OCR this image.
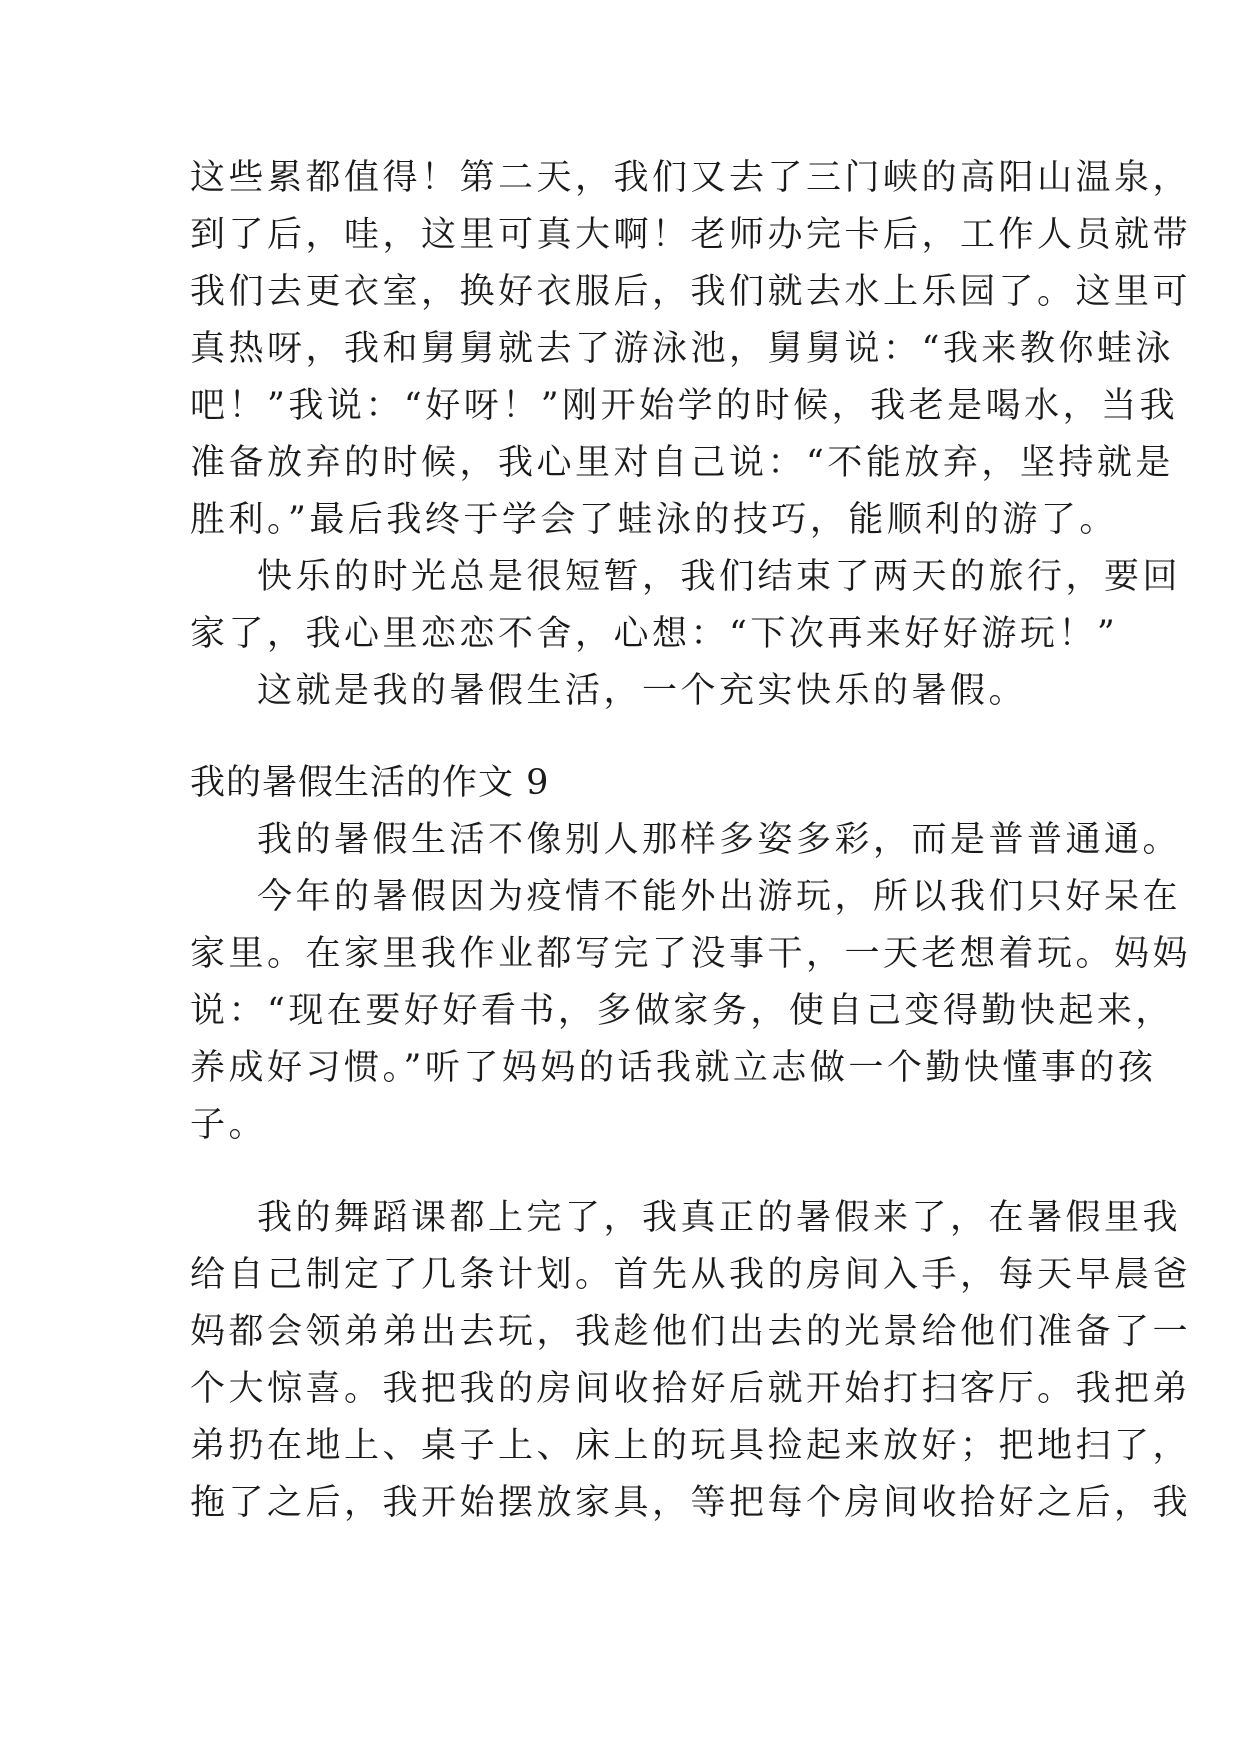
这些累都值得！第二天，我们又去了三门峡的高阳山温泉，

到了后，哇，这里可真大啊！老师办完卡后，工作人员就带

我们去更衣室，换好衣服后，我们就去水上乐园了。这里可

真热呀，我和舅舅就去了游泳池，舅舅说：“我来教你蛙泳

吧！”我说：“好呀！”刚开始学的时候，我老是喝水，当我

准备放弃的时候，我心里对自己说：“不能放弃，坚持就是

胜利。”最后我终于学会了蛙泳的技巧，能顺利的游了。

快乐的时光总是很短暂，我们结束了两天的旅行，要回

家了，我心里恋恋不舍，心想：“下次再来好好游玩！”

这就是我的暑假生活，一个充实快乐的暑假。

我的暑假生活的作文 9

我的暑假生活不像别人那样多姿多彩，而是普普通通。

今年的暑假因为疫情不能外出游玩，所以我们只好呆在

家里。在家里我作业都写完了没事干，一天老想着玩。妈妈

说：“现在要好好看书，多做家务，使自己变得勤快起来，

养成好习惯。”听了妈妈的话我就立志做一个勤快懂事的孩

子。

我的舞蹈课都上完了，我真正的暑假来了，在暑假里我

给自己制定了几条计划。首先从我的房间入手，每天早晨爸

妈都会领弟弟出去玩，我趁他们出去的光景给他们准备了一

个大惊喜。我把我的房间收拾好后就开始打扫客厅。我把弟

弟扔在地上、桌子上、床上的玩具捡起来放好；把地扫了，

拖了之后，我开始摆放家具，等把每个房间收拾好之后，我
